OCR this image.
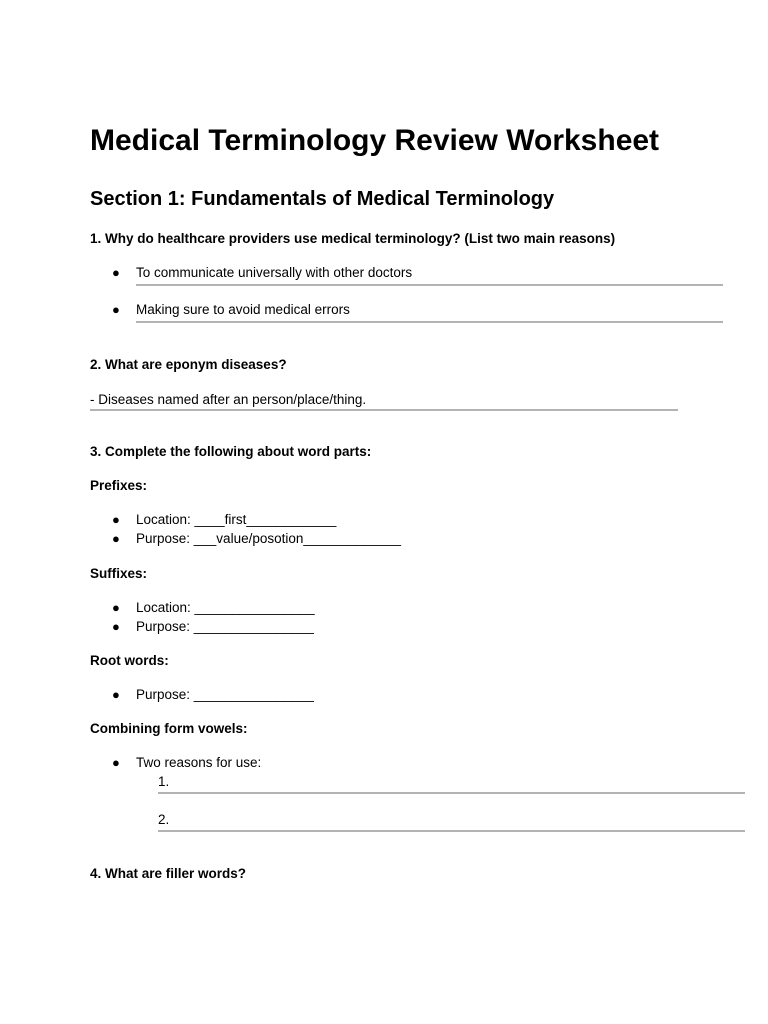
Medical Terminology Review Worksheet
Section 1: Fundamentals of Medical Terminology
1. Why do healthcare providers use medical terminology? (List two main reasons)
● To communicate universally with other doctors
● Making sure to avoid medical errors
2. What are eponym diseases?
- Diseases named after an person/place/thing.
3. Complete the following about word parts:
Prefixes:
● Location: ____first____________
● Purpose: ___value/posotion_____________
Suffixes:
● Location: ________________
● Purpose: ________________
Root words:
● Purpose: ________________
Combining form vowels:
● Two reasons for use:
1.
2.
4. What are filler words?
